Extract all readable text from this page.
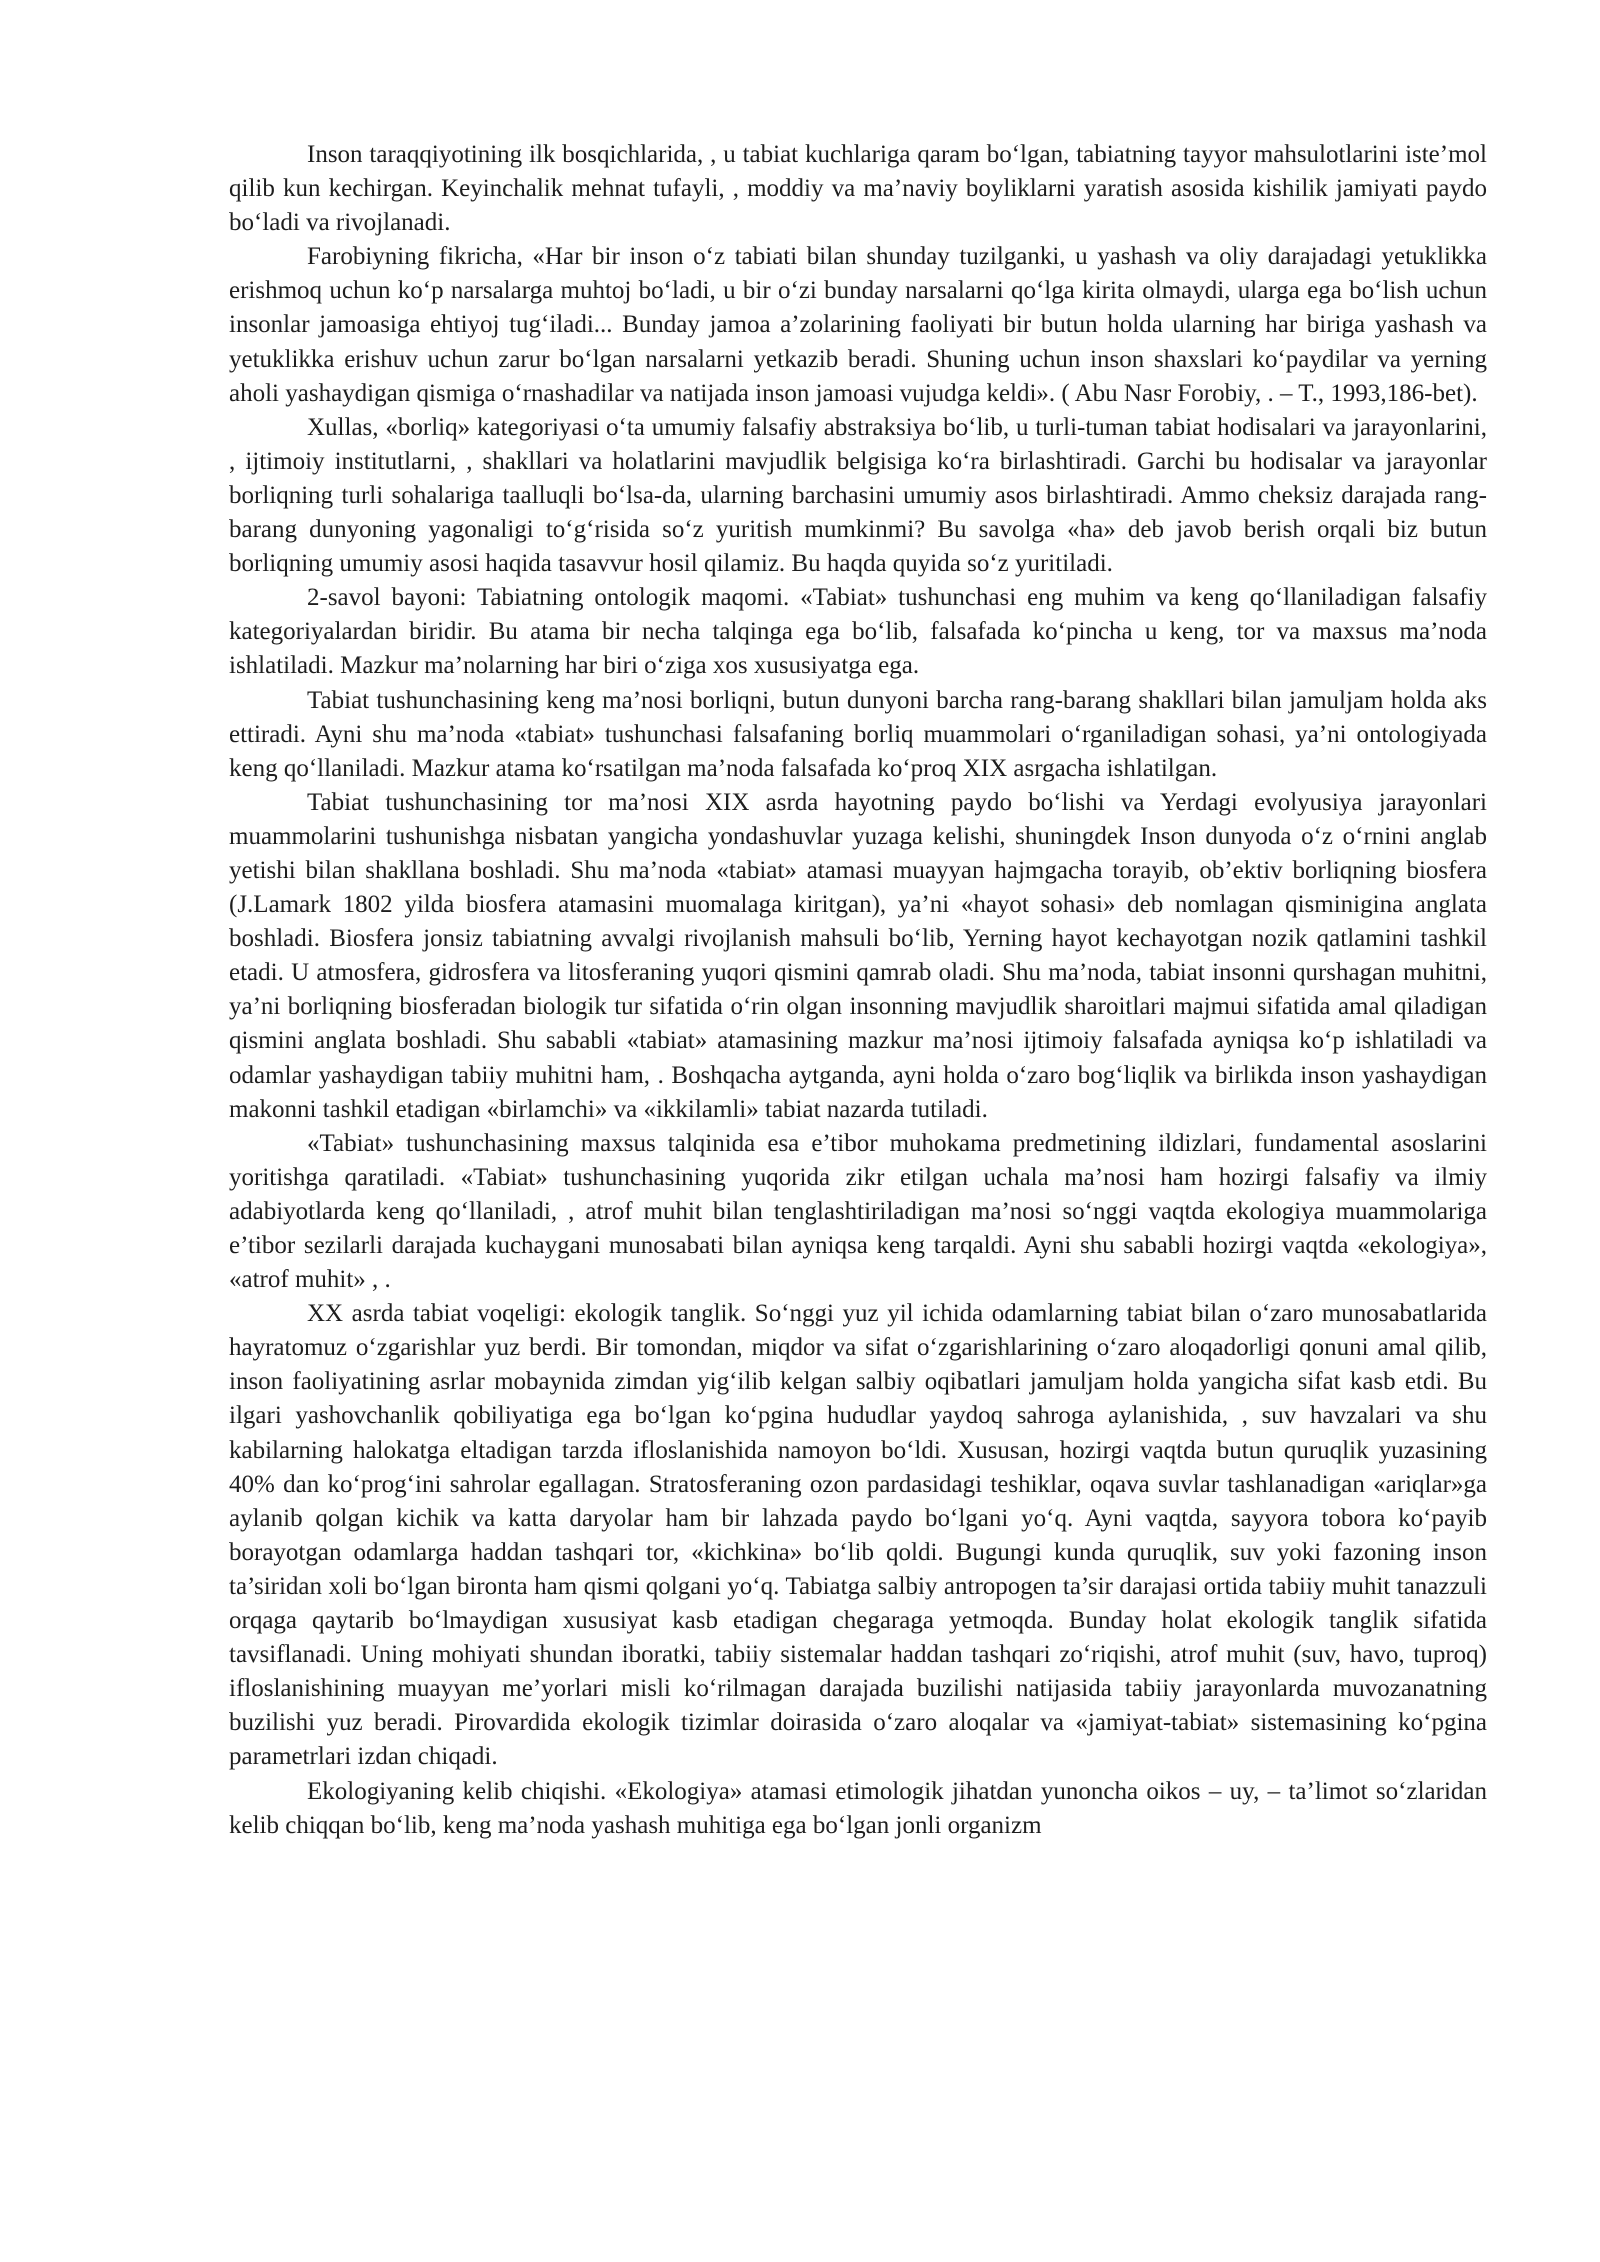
Inson taraqqiyotining ilk bosqichlarida, , u tabiat kuchlariga qaram bo‘lgan, tabiatning tayyor mahsulotlarini iste’mol qilib kun kechirgan. Keyinchalik mehnat tufayli, , moddiy va ma’naviy boyliklarni yaratish asosida kishilik jamiyati paydo bo‘ladi va rivojlanadi.

Farobiyning fikricha, «Har bir inson o‘z tabiati bilan shunday tuzilganki, u yashash va oliy darajadagi yetuklikka erishmoq uchun ko‘p narsalarga muhtoj bo‘ladi, u bir o‘zi bunday narsalarni qo‘lga kirita olmaydi, ularga ega bo‘lish uchun insonlar jamoasiga ehtiyoj tug‘iladi... Bunday jamoa a’zolarining faoliyati bir butun holda ularning har biriga yashash va yetuklikka erishuv uchun zarur bo‘lgan narsalarni yetkazib beradi. Shuning uchun inson shaxslari ko‘paydilar va yerning aholi yashaydigan qismiga o‘rnashadilar va natijada inson jamoasi vujudga keldi». ( Abu Nasr Forobiy, . – T., 1993,186-bet).

Xullas, «borliq» kategoriyasi o‘ta umumiy falsafiy abstraksiya bo‘lib, u turli-tuman tabiat hodisalari va jarayonlarini, , ijtimoiy institutlarni, , shakllari va holatlarini mavjudlik belgisiga ko‘ra birlashtiradi. Garchi bu hodisalar va jarayonlar borliqning turli sohalariga taalluqli bo‘lsa-da, ularning barchasini umumiy asos birlashtiradi. Ammo cheksiz darajada rang-barang dunyoning yagonaligi to‘g‘risida so‘z yuritish mumkinmi? Bu savolga «ha» deb javob berish orqali biz butun borliqning umumiy asosi haqida tasavvur hosil qilamiz. Bu haqda quyida so‘z yuritiladi.

2-savol bayoni: Tabiatning ontologik maqomi. «Tabiat» tushunchasi eng muhim va keng qo‘llaniladigan falsafiy kategoriyalardan biridir. Bu atama bir necha talqinga ega bo‘lib, falsafada ko‘pincha u keng, tor va maxsus ma’noda ishlatiladi. Mazkur ma’nolarning har biri o‘ziga xos xususiyatga ega.

Tabiat tushunchasining keng ma’nosi borliqni, butun dunyoni barcha rang-barang shakllari bilan jamuljam holda aks ettiradi. Ayni shu ma’noda «tabiat» tushunchasi falsafaning borliq muammolari o‘rganiladigan sohasi, ya’ni ontologiyada keng qo‘llaniladi. Mazkur atama ko‘rsatilgan ma’noda falsafada ko‘proq XIX asrgacha ishlatilgan.

Tabiat tushunchasining tor ma’nosi XIX asrda hayotning paydo bo‘lishi va Yerdagi evolyusiya jarayonlari muammolarini tushunishga nisbatan yangicha yondashuvlar yuzaga kelishi, shuningdek Inson dunyoda o‘z o‘rnini anglab yetishi bilan shakllana boshladi. Shu ma’noda «tabiat» atamasi muayyan hajmgacha torayib, ob’ektiv borliqning biosfera (J.Lamark 1802 yilda biosfera atamasini muomalaga kiritgan), ya’ni «hayot sohasi» deb nomlagan qisminigina anglata boshladi. Biosfera jonsiz tabiatning avvalgi rivojlanish mahsuli bo‘lib, Yerning hayot kechayotgan nozik qatlamini tashkil etadi. U atmosfera, gidrosfera va litosferaning yuqori qismini qamrab oladi. Shu ma’noda, tabiat insonni qurshagan muhitni, ya’ni borliqning biosferadan biologik tur sifatida o‘rin olgan insonning mavjudlik sharoitlari majmui sifatida amal qiladigan qismini anglata boshladi. Shu sababli «tabiat» atamasining mazkur ma’nosi ijtimoiy falsafada ayniqsa ko‘p ishlatiladi va odamlar yashaydigan tabiiy muhitni ham, . Boshqacha aytganda, ayni holda o‘zaro bog‘liqlik va birlikda inson yashaydigan makonni tashkil etadigan «birlamchi» va «ikkilamli» tabiat nazarda tutiladi.

«Tabiat» tushunchasining maxsus talqinida esa e’tibor muhokama predmetining ildizlari, fundamental asoslarini yoritishga qaratiladi. «Tabiat» tushunchasining yuqorida zikr etilgan uchala ma’nosi ham hozirgi falsafiy va ilmiy adabiyotlarda keng qo‘llaniladi, , atrof muhit bilan tenglashtiriladigan ma’nosi so‘nggi vaqtda ekologiya muammolariga e’tibor sezilarli darajada kuchaygani munosabati bilan ayniqsa keng tarqaldi. Ayni shu sababli hozirgi vaqtda «ekologiya», «atrof muhit» , .

XX asrda tabiat voqeligi: ekologik tanglik. So‘nggi yuz yil ichida odamlarning tabiat bilan o‘zaro munosabatlarida hayratomuz o‘zgarishlar yuz berdi. Bir tomondan, miqdor va sifat o‘zgarishlarining o‘zaro aloqadorligi qonuni amal qilib, inson faoliyatining asrlar mobaynida zimdan yig‘ilib kelgan salbiy oqibatlari jamuljam holda yangicha sifat kasb etdi. Bu ilgari yashovchanlik qobiliyatiga ega bo‘lgan ko‘pgina hududlar yaydoq sahroga aylanishida, , suv havzalari va shu kabilarning halokatga eltadigan tarzda ifloslanishida namoyon bo‘ldi. Xususan, hozirgi vaqtda butun quruqlik yuzasining 40% dan ko‘prog‘ini sahrolar egallagan. Stratosferaning ozon pardasidagi teshiklar, oqava suvlar tashlanadigan «ariqlar»ga aylanib qolgan kichik va katta daryolar ham bir lahzada paydo bo‘lgani yo‘q. Ayni vaqtda, sayyora tobora ko‘payib borayotgan odamlarga haddan tashqari tor, «kichkina» bo‘lib qoldi. Bugungi kunda quruqlik, suv yoki fazoning inson ta’siridan xoli bo‘lgan bironta ham qismi qolgani yo‘q. Tabiatga salbiy antropogen ta’sir darajasi ortida tabiiy muhit tanazzuli orqaga qaytarib bo‘lmaydigan xususiyat kasb etadigan chegaraga yetmoqda. Bunday holat ekologik tanglik sifatida tavsiflanadi. Uning mohiyati shundan iboratki, tabiiy sistemalar haddan tashqari zo‘riqishi, atrof muhit (suv, havo, tuproq) ifloslanishining muayyan me’yorlari misli ko‘rilmagan darajada buzilishi natijasida tabiiy jarayonlarda muvozanatning buzilishi yuz beradi. Pirovardida ekologik tizimlar doirasida o‘zaro aloqalar va «jamiyat-tabiat» sistemasining ko‘pgina parametrlari izdan chiqadi.

Ekologiyaning kelib chiqishi. «Ekologiya» atamasi etimologik jihatdan yunoncha oikos – uy, – ta’limot so‘zlaridan kelib chiqqan bo‘lib, keng ma’noda yashash muhitiga ega bo‘lgan jonli organizm
